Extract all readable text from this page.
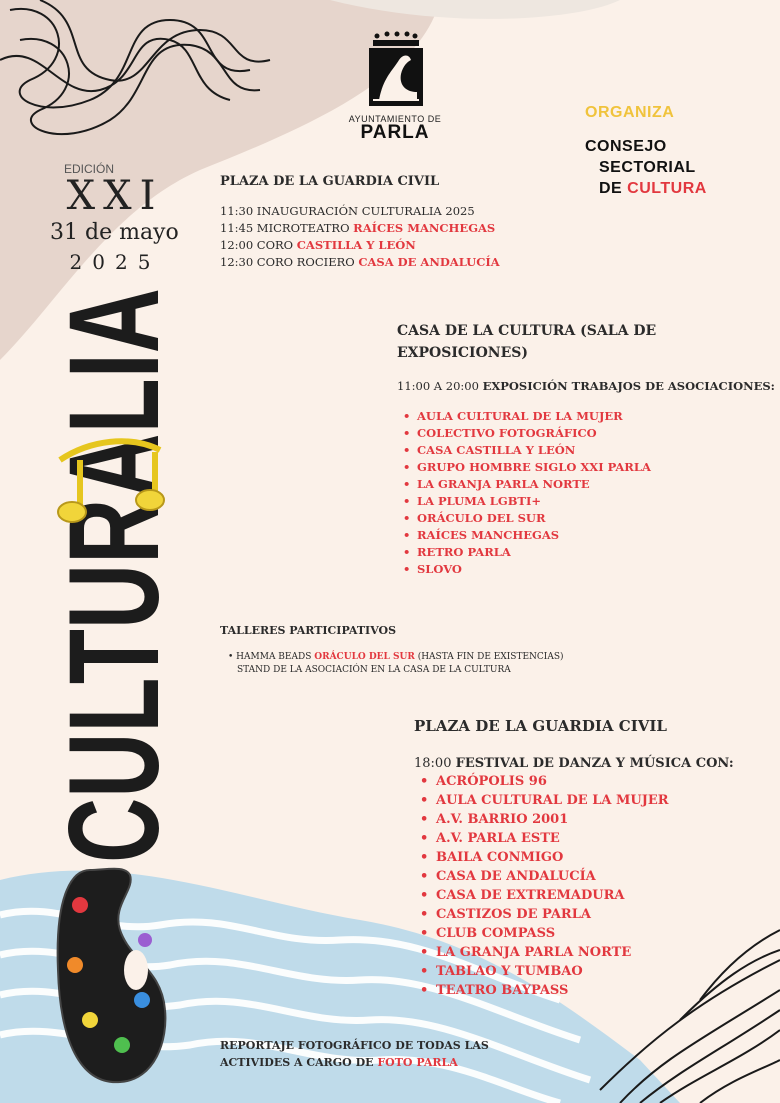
AYUNTAMIENTO DE
PARLA
ORGANIZA
CONSEJO
SECTORIAL
DE CULTURA
EDICIÓN
XXI
31 de mayo
2025
CULTUR
PLAZA DE LA GUARDIA CIVIL
11:30 INAUGURACIÓN CULTURALIA 2025
11:45 MICROTEATRO RAÍCES MANCHEGAS
12:00 CORO CASTILLA Y LEÓN
12:30 CORO ROCIERO CASA DE ANDALUCÍA
CASA DE LA CULTURA (SALA DE
EXPOSICIONES)
11:00 A 20:00 EXPOSICIÓN TRABAJOS DE ASOCIACIONES:
• AULA CULTURAL DE LA MUJER
• COLECTIVO FOTOGRÁFICO
• CASA CASTILLA Y LEÓN
• GRUPO HOMBRE SIGLO XXI PARLA
• LA GRANJA PARLA NORTE
• LA PLUMA LGBTI+
• ORÁCULO DEL SUR
• RAÍCES MANCHEGAS
• RETRO PARLA
• SLOVO
TALLERES PARTICIPATIVOS
• HAMMA BEADS ORÁCULO DEL SUR (HASTA FIN DE EXISTENCIAS)
STAND DE LA ASOCIACIÓN EN LA CASA DE LA CULTURA
PLAZA DE LA GUARDIA CIVIL
18:00 FESTIVAL DE DANZA Y MÚSICA CON:
• ACRÓPOLIS 96
• AULA CULTURAL DE LA MUJER
• A.V. BARRIO 2001
• A.V. PARLA ESTE
• BAILA CONMIGO
• CASA DE ANDALUCÍA
• CASA DE EXTREMADURA
• CASTIZOS DE PARLA
• CLUB COMPASS
• LA GRANJA PARLA NORTE
• TABLAO Y TUMBAO
• TEATRO BAYPASS
REPORTAJE FOTOGRÁFICO DE TODAS LAS
ACTIVIDES A CARGO DE FOTO PARLA
